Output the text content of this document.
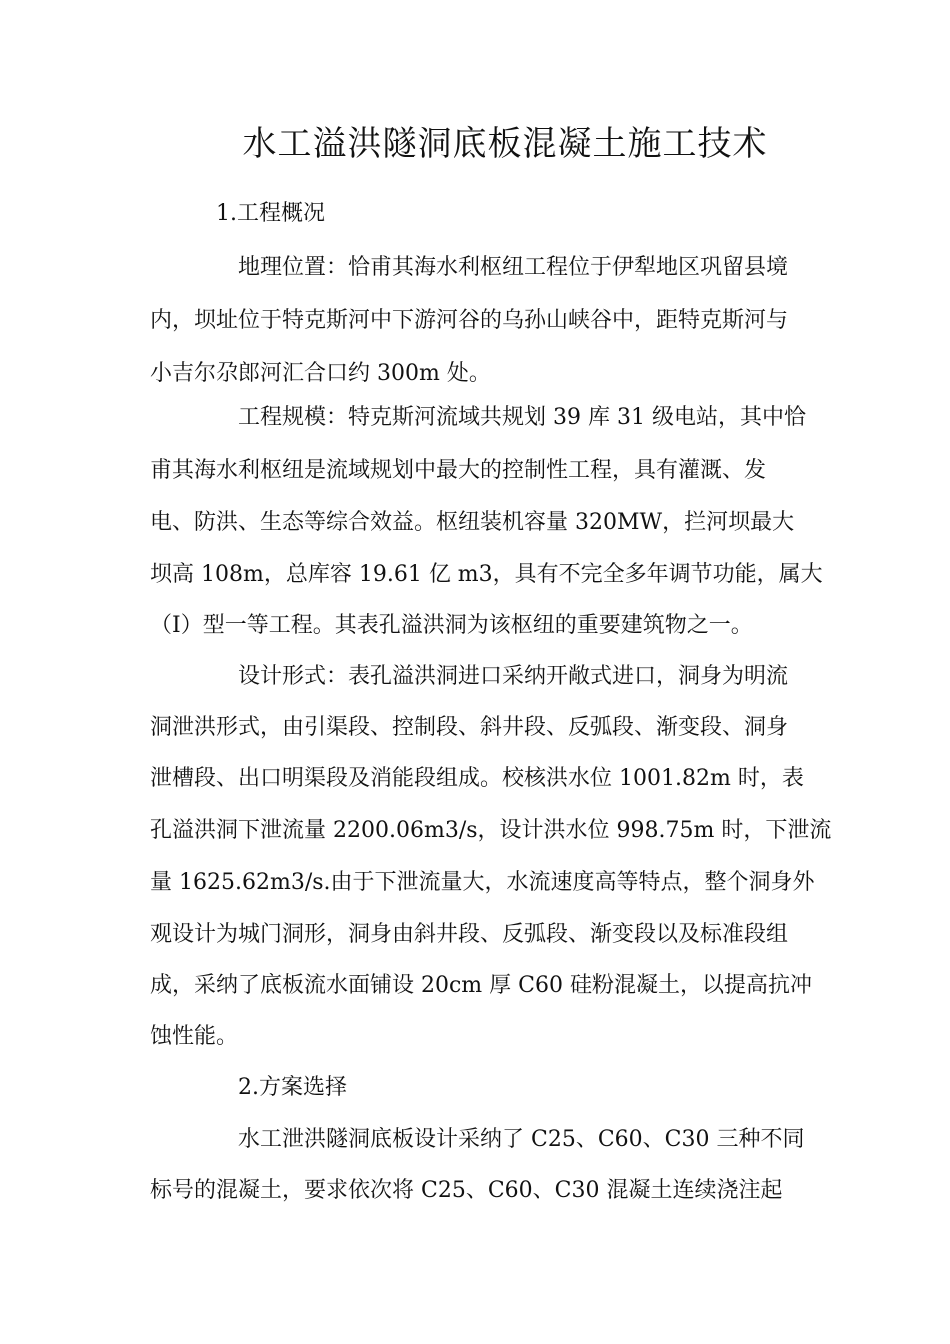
水工溢洪隧洞底板混凝土施工技术

1.工程概况

地理位置：恰甫其海水利枢纽工程位于伊犁地区巩留县境

内，坝址位于特克斯河中下游河谷的乌孙山峡谷中，距特克斯河与

小吉尔尕郎河汇合口约 300m 处。

工程规模：特克斯河流域共规划 39 库 31 级电站，其中恰

甫其海水利枢纽是流域规划中最大的控制性工程，具有灌溉、发

电、防洪、生态等综合效益。枢纽装机容量 320MW，拦河坝最大

坝高 108m，总库容 19.61 亿 m3，具有不完全多年调节功能，属大

（Ⅰ）型一等工程。其表孔溢洪洞为该枢纽的重要建筑物之一。

设计形式：表孔溢洪洞进口采纳开敞式进口，洞身为明流

洞泄洪形式，由引渠段、控制段、斜井段、反弧段、渐变段、洞身

泄槽段、出口明渠段及消能段组成。校核洪水位 1001.82m 时，表

孔溢洪洞下泄流量 2200.06m3/s，设计洪水位 998.75m 时，下泄流

量 1625.62m3/s.由于下泄流量大，水流速度高等特点，整个洞身外

观设计为城门洞形，洞身由斜井段、反弧段、渐变段以及标准段组

成，采纳了底板流水面铺设 20cm 厚 C60 硅粉混凝土，以提高抗冲

蚀性能。

2.方案选择

水工泄洪隧洞底板设计采纳了 C25、C60、C30 三种不同

标号的混凝土，要求依次将 C25、C60、C30 混凝土连续浇注起
